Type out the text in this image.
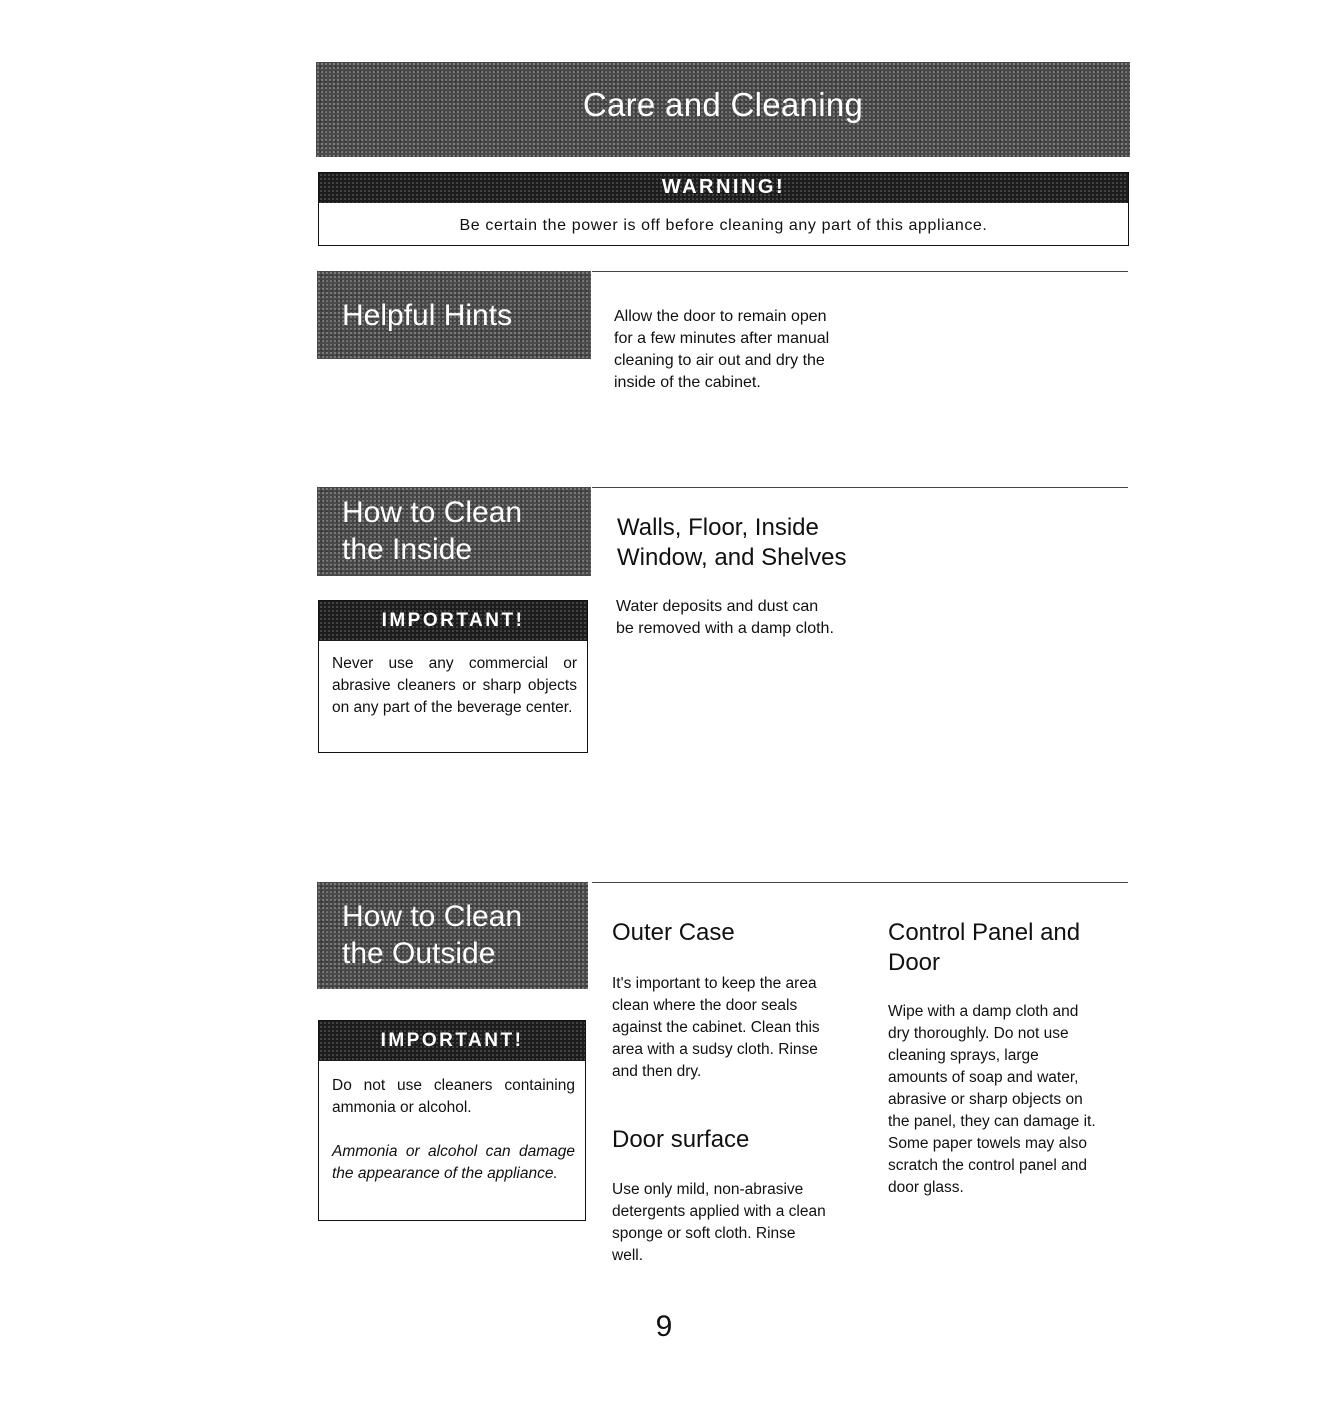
Care and Cleaning
WARNING!
Be certain the power is off before cleaning any part of this appliance.
Helpful Hints	Allow the door to remain open
for a few minutes after manual
cleaning to air out and dry the
inside of the cabinet.
How to Clean
the Inside
Walls, Floor, Inside
Window, and Shelves
Water deposits and dust can
be removed with a damp cloth.
IMPORTANT!
Never use any commercial or abrasive cleaners or sharp objects on any part of the beverage center.
How to Clean
the Outside
IMPORTANT!
Do not use cleaners containing ammonia or alcohol.
Ammonia or alcohol can damage the appearance of the appliance.
Outer Case
It's important to keep the area
clean where the door seals
against the cabinet. Clean this
area with a sudsy cloth. Rinse
and then dry.
Door surface
Use only mild, non-abrasive
detergents applied with a clean
sponge or soft cloth. Rinse
well.
Control Panel and
Door
Wipe with a damp cloth and
dry thoroughly. Do not use
cleaning sprays, large
amounts of soap and water,
abrasive or sharp objects on
the panel, they can damage it.
Some paper towels may also
scratch the control panel and
door glass.
9
